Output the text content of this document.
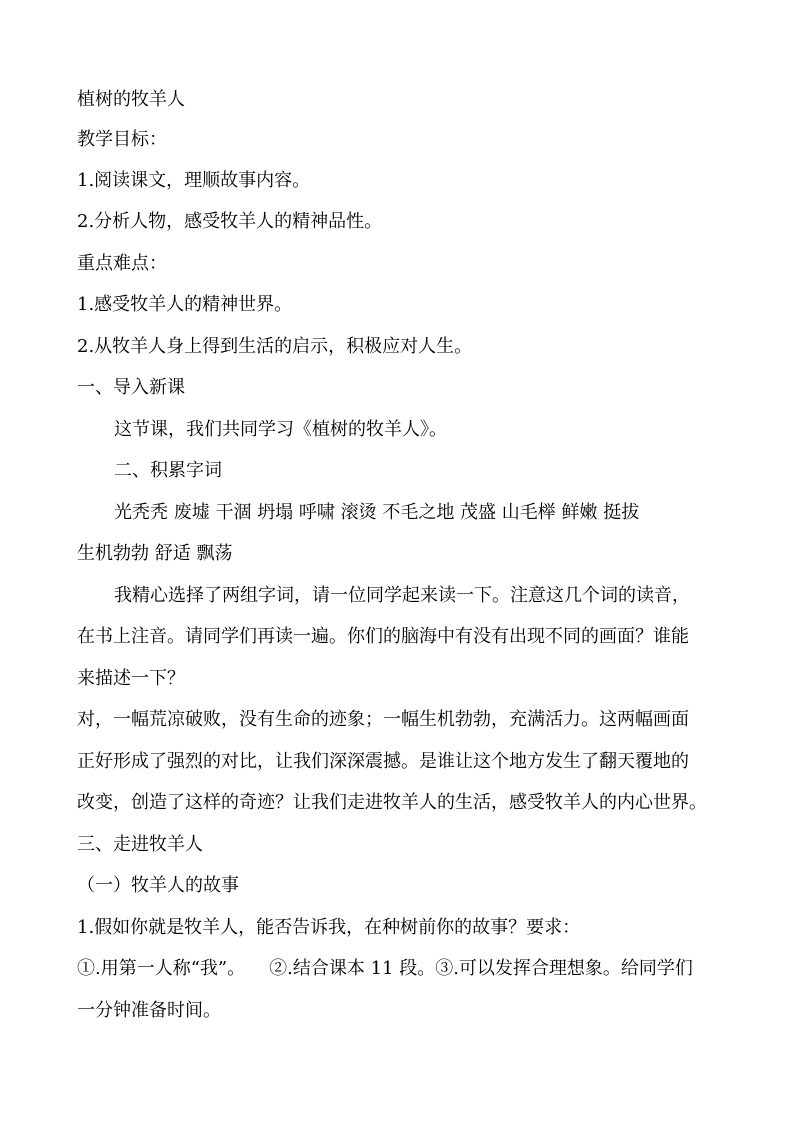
植树的牧羊人
教学目标：
1.阅读课文，理顺故事内容。
2.分析人物，感受牧羊人的精神品性。
重点难点：
1.感受牧羊人的精神世界。
2.从牧羊人身上得到生活的启示，积极应对人生。
一、导入新课
这节课，我们共同学习《植树的牧羊人》。
二、积累字词
光秃秃 废墟 干涸 坍塌 呼啸 滚烫 不毛之地 茂盛 山毛榉 鲜嫩 挺拔
生机勃勃 舒适 飘荡
我精心选择了两组字词，请一位同学起来读一下。注意这几个词的读音，
在书上注音。请同学们再读一遍。你们的脑海中有没有出现不同的画面？谁能
来描述一下？
对，一幅荒凉破败，没有生命的迹象；一幅生机勃勃，充满活力。这两幅画面
正好形成了强烈的对比，让我们深深震撼。是谁让这个地方发生了翻天覆地的
改变，创造了这样的奇迹？让我们走进牧羊人的生活，感受牧羊人的内心世界。
三、走进牧羊人
（一）牧羊人的故事
1.假如你就是牧羊人，能否告诉我，在种树前你的故事？要求：
①.用第一人称“我”。 ②.结合课本 11 段。③.可以发挥合理想象。给同学们
一分钟准备时间。
